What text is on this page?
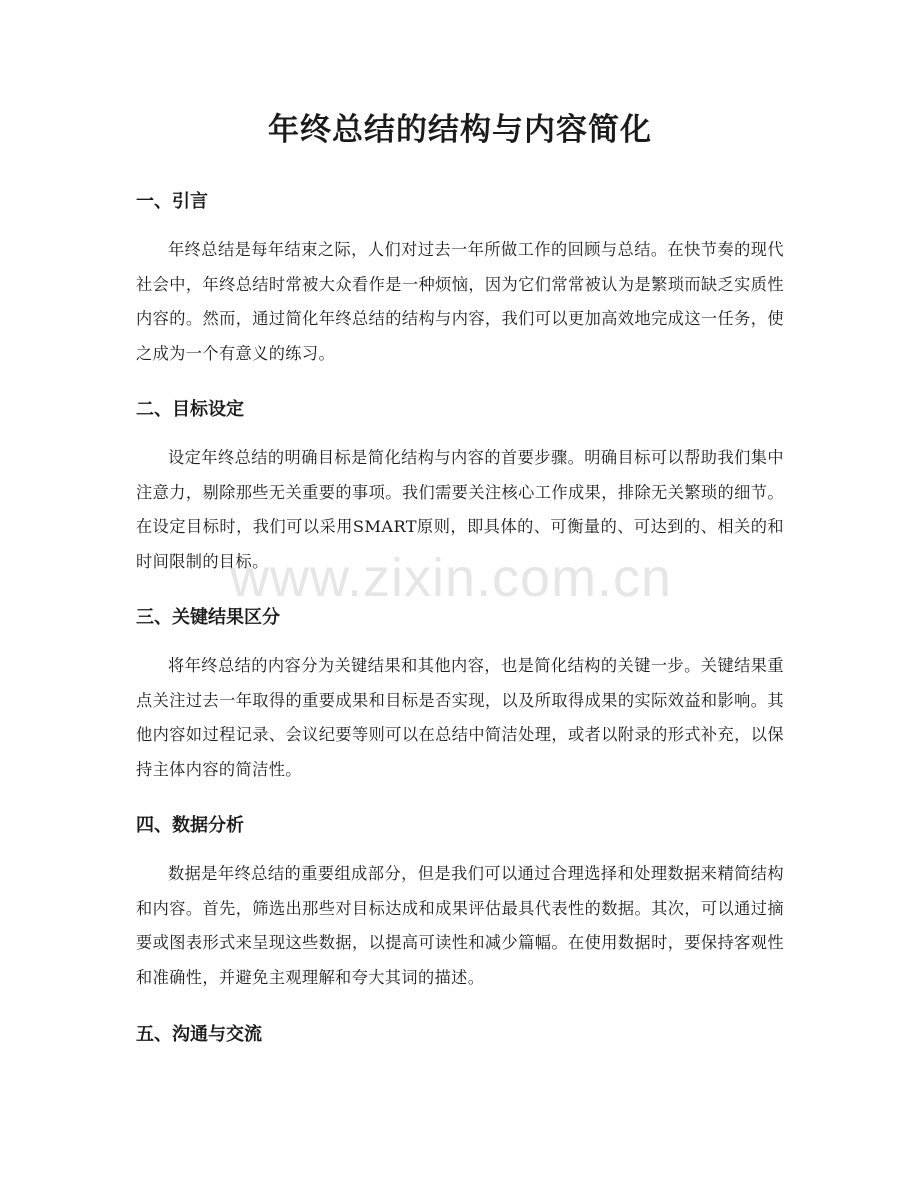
年终总结的结构与内容简化
一、引言

年终总结是每年结束之际，人们对过去一年所做工作的回顾与总结。在快节奏的现代社会中，年终总结时常被大众看作是一种烦恼，因为它们常常被认为是繁琐而缺乏实质性内容的。然而，通过简化年终总结的结构与内容，我们可以更加高效地完成这一任务，使之成为一个有意义的练习。

二、目标设定

设定年终总结的明确目标是简化结构与内容的首要步骤。明确目标可以帮助我们集中注意力，剔除那些无关重要的事项。我们需要关注核心工作成果，排除无关繁琐的细节。在设定目标时，我们可以采用SMART原则，即具体的、可衡量的、可达到的、相关的和时间限制的目标。

三、关键结果区分

将年终总结的内容分为关键结果和其他内容，也是简化结构的关键一步。关键结果重点关注过去一年取得的重要成果和目标是否实现，以及所取得成果的实际效益和影响。其他内容如过程记录、会议纪要等则可以在总结中简洁处理，或者以附录的形式补充，以保持主体内容的简洁性。

四、数据分析

数据是年终总结的重要组成部分，但是我们可以通过合理选择和处理数据来精简结构和内容。首先，筛选出那些对目标达成和成果评估最具代表性的数据。其次，可以通过摘要或图表形式来呈现这些数据，以提高可读性和减少篇幅。在使用数据时，要保持客观性和准确性，并避免主观理解和夸大其词的描述。

五、沟通与交流
www.zixin.com.cn
